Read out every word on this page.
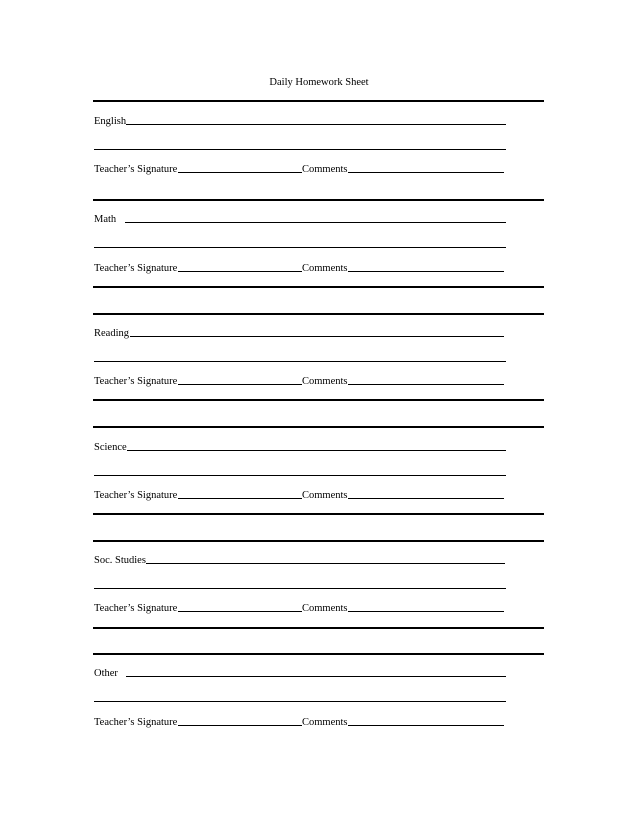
Daily Homework Sheet
English
Teacher’s Signature	Comments
Math
Teacher’s Signature	Comments
Reading
Teacher’s Signature	Comments
Science
Teacher’s Signature	Comments
Soc. Studies
Teacher’s Signature	Comments
Other
Teacher’s Signature	Comments
